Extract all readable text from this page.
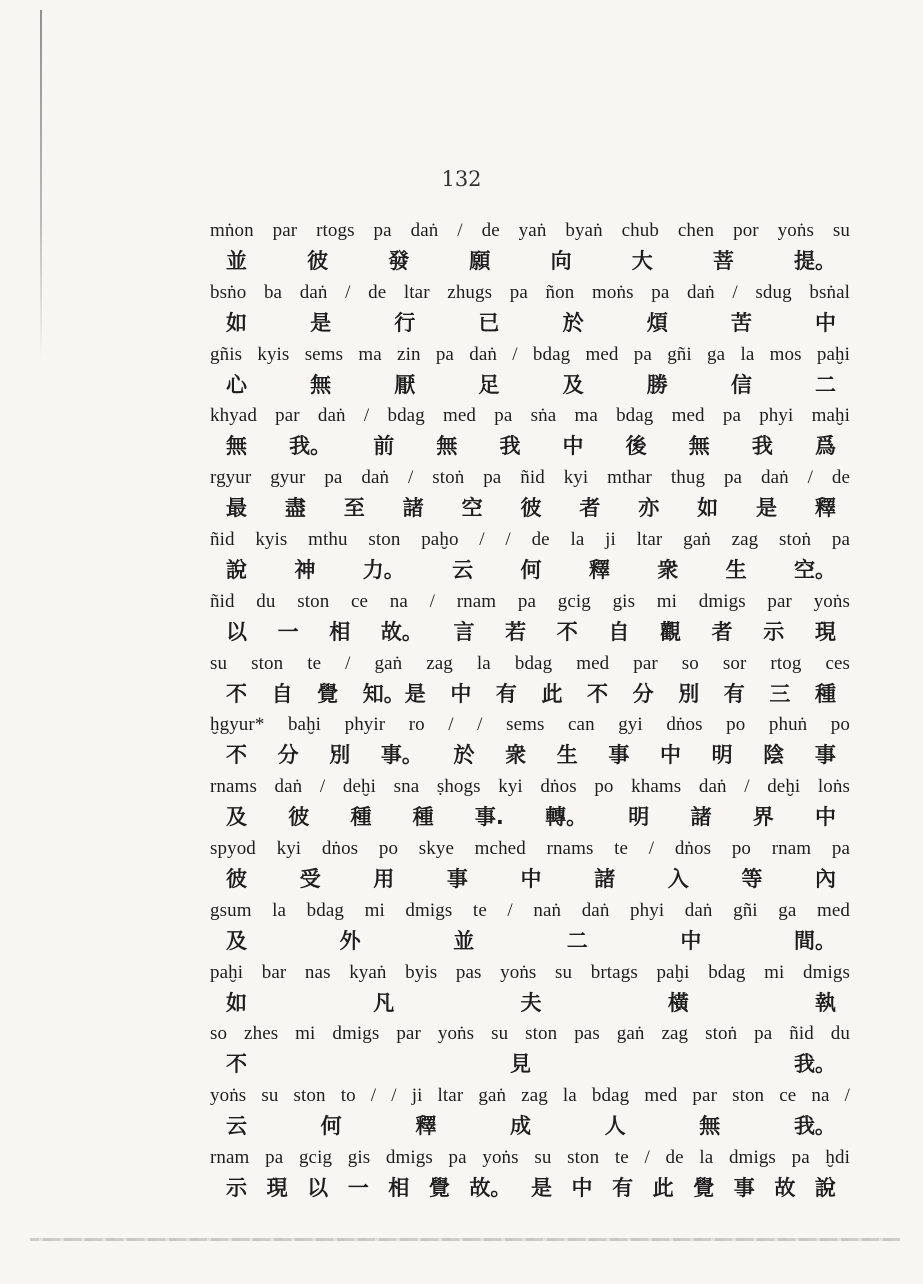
132
mṅon par rtogs pa daṅ / de yaṅ byaṅ chub chen por yoṅs su
並	彼	發	願	向	大	菩	提。
bsṅo ba daṅ / de ltar zhugs pa ñon moṅs pa daṅ / sdug bsṅal
如	是	行	已	於	煩	苦	中
gñis kyis sems ma zin pa daṅ / bdag med pa gñi ga la mos paḫi
心	無	厭	足	及	勝	信	二
khyad par daṅ / bdag med pa sṅa ma bdag med pa phyi maḫi
無 我。 前 無 我 中 後 無 我 爲
rgyur gyur pa daṅ / stoṅ pa ñid kyi mthar thug pa daṅ / de
最 盡 至 諸 空 彼 者 亦 如 是 釋
ñid kyis mthu ston paḫo / / de la ji ltar gaṅ zag stoṅ pa
說 神 力。 云 何 釋 衆 生 空。
ñid du ston ce na / rnam pa gcig gis mi dmigs par yoṅs
以 一 相 故。 言 若 不 自 觀 者 示 現
su ston te / gaṅ zag la bdag med par so sor rtog ces
不 自 覺 知。是 中 有 此 不 分 別 有 三 種
ḫgyur* baḫi phyir ro / / sems can gyi dṅos po phuṅ po
不 分 別 事。 於 衆 生 事 中 明 陰 事
rnams daṅ / deḫi sna ṣhogs kyi dṅos po khams daṅ / deḫi loṅs
及 彼 種 種 事. 轉。 明 諸 界 中
spyod kyi dṅos po skye mched rnams te / dṅos po rnam pa
彼	受	用	事	中	諸	入	等	內
gsum la bdag mi dmigs te / naṅ daṅ phyi daṅ gñi ga med
及	外	並	二	中	間。
paḫi bar nas kyaṅ byis pas yoṅs su brtags paḫi bdag mi dmigs
如	凡	夫	橫	執
so zhes mi dmigs par yoṅs su ston pas gaṅ zag stoṅ pa ñid du
不	見	我。
yoṅs su ston to / / ji ltar gaṅ zag la bdag med par ston ce na /
云	何	釋	成	人	無	我。
rnam pa gcig gis dmigs pa yoṅs su ston te / de la dmigs pa ḫdi
示 現 以 一 相 覺 故。 是 中 有 此 覺 事 故 說
